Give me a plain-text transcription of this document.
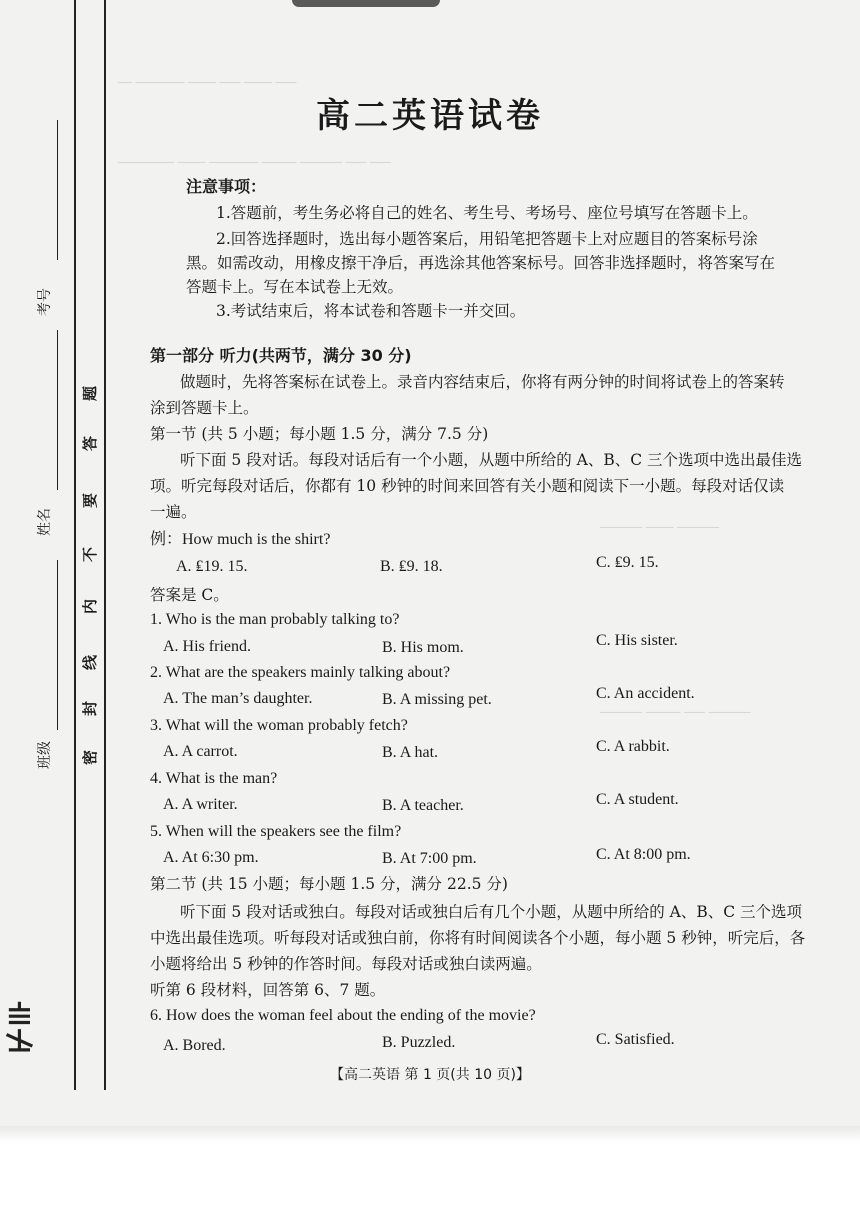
考号
姓名
班级
⊬⊪
题
答
要
不
内
线
封
密
__ _______ ____ ___ ____ ___
________ ____ _______ _____ ______ ___ ___
______ ____ ______
______ _____ ___ ______
高二英语试卷
注意事项：
1.答题前，考生务必将自己的姓名、考生号、考场号、座位号填写在答题卡上。
2.回答选择题时，选出每小题答案后，用铅笔把答题卡上对应题目的答案标号涂
黑。如需改动，用橡皮擦干净后，再选涂其他答案标号。回答非选择题时，将答案写在
答题卡上。写在本试卷上无效。
3.考试结束后，将本试卷和答题卡一并交回。
第一部分 听力(共两节，满分 30 分)
做题时，先将答案标在试卷上。录音内容结束后，你将有两分钟的时间将试卷上的答案转
涂到答题卡上。
第一节 (共 5 小题；每小题 1.5 分，满分 7.5 分)
听下面 5 段对话。每段对话后有一个小题，从题中所给的 A、B、C 三个选项中选出最佳选
项。听完每段对话后，你都有 10 秒钟的时间来回答有关小题和阅读下一小题。每段对话仅读
一遍。
例：How much is the shirt?
A. ₤19. 15.	B. ₤9. 18.	C. ₤9. 15.
答案是 C。
1. Who is the man probably talking to?
A. His friend.	B. His mom.	C. His sister.
2. What are the speakers mainly talking about?
A. The man’s daughter.	B. A missing pet.	C. An accident.
3. What will the woman probably fetch?
A. A carrot.	B. A hat.	C. A rabbit.
4. What is the man?
A. A writer.	B. A teacher.	C. A student.
5. When will the speakers see the film?
A. At 6:30 pm.	B. At 7:00 pm.	C. At 8:00 pm.
第二节 (共 15 小题；每小题 1.5 分，满分 22.5 分)
听下面 5 段对话或独白。每段对话或独白后有几个小题，从题中所给的 A、B、C 三个选项
中选出最佳选项。听每段对话或独白前，你将有时间阅读各个小题，每小题 5 秒钟，听完后，各
小题将给出 5 秒钟的作答时间。每段对话或独白读两遍。
听第 6 段材料，回答第 6、7 题。
6. How does the woman feel about the ending of the movie?
A. Bored.	B. Puzzled.	C. Satisfied.
【高二英语 第 1 页(共 10 页)】
